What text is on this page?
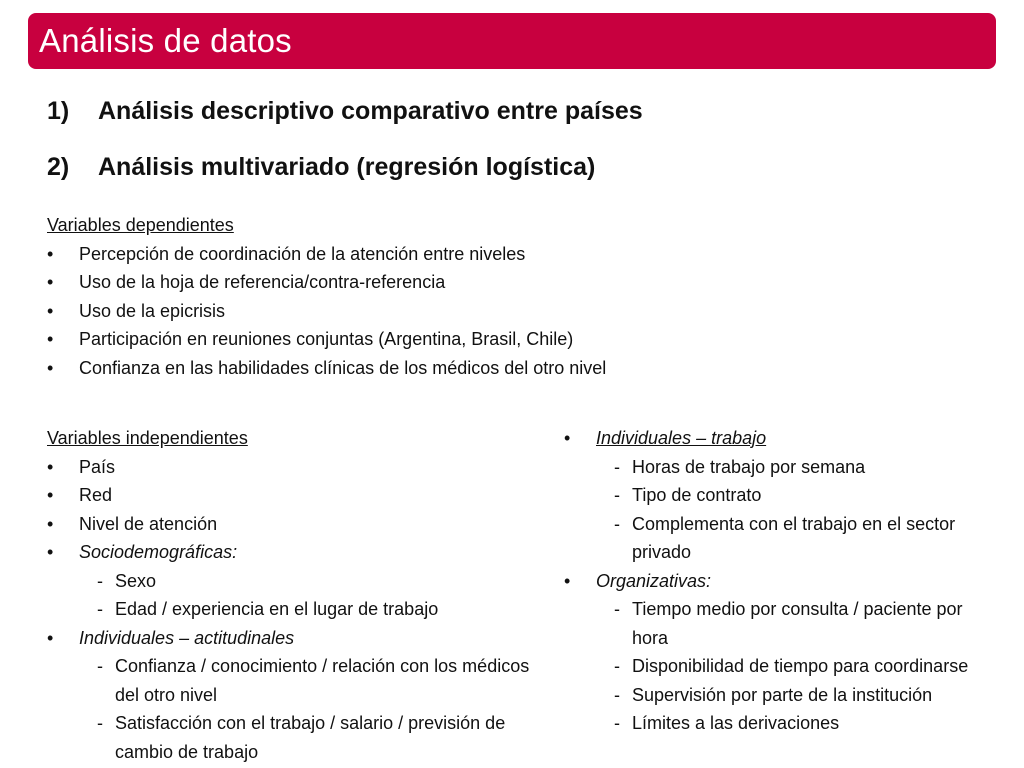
Análisis de datos
1)	Análisis descriptivo comparativo entre países
2)	Análisis multivariado (regresión logística)
Variables dependientes
•	Percepción de coordinación de la atención entre niveles
•	Uso de la hoja de referencia/contra-referencia
•	Uso de la epicrisis
•	Participación en reuniones conjuntas (Argentina, Brasil, Chile)
•	Confianza en las habilidades clínicas de los médicos del otro nivel
Variables independientes
•	País
•	Red
•	Nivel de atención
•	Sociodemográficas:
- Sexo
- Edad / experiencia en el lugar de trabajo
•	Individuales – actitudinales
- Confianza / conocimiento / relación con los médicos
del otro nivel
- Satisfacción con el trabajo / salario / previsión de
cambio de trabajo
•	Individuales – trabajo
- Horas de trabajo por semana
- Tipo de contrato
- Complementa con el trabajo en el sector
privado
•	Organizativas:
- Tiempo medio por consulta / paciente por
hora
- Disponibilidad de tiempo para coordinarse
- Supervisión por parte de la institución
- Límites a las derivaciones
